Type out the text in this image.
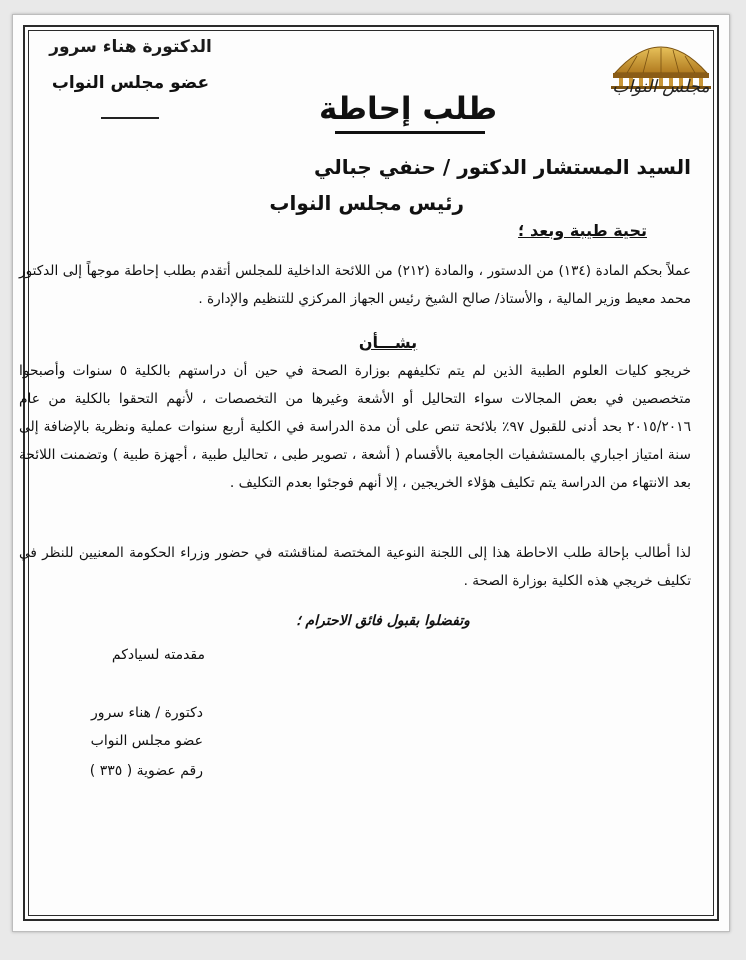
مجلس النواب
الدكتورة هناء سرور
عضو مجلس النواب
طلب إحاطة
السيد المستشار الدكتور / حنفي جبالي
رئيس مجلس النواب
تحية طيبة وبعد ؛
عملاً بحكم المادة (١٣٤) من الدستور ، والمادة (٢١٢) من اللائحة الداخلية للمجلس أتقدم بطلب إحاطة موجهاً إلى الدكتور محمد معيط وزير المالية ، والأستاذ/ صالح الشيخ رئيس الجهاز المركزي للتنظيم والإدارة .
بشـــأن
خريجو كليات العلوم الطبية الذين لم يتم تكليفهم بوزارة الصحة في حين أن دراستهم بالكلية ٥ سنوات وأصبحوا متخصصين في بعض المجالات سواء التحاليل أو الأشعة وغيرها من التخصصات ، لأنهم التحقوا بالكلية من عام ٢٠١٥/٢٠١٦ بحد أدنى للقبول ٩٧٪ بلائحة تنص على أن مدة الدراسة في الكلية أربع سنوات عملية ونظرية بالإضافة إلى سنة امتياز اجباري بالمستشفيات الجامعية بالأقسام ( أشعة ، تصوير طبى ، تحاليل طبية ، أجهزة طبية ) وتضمنت اللائحة بعد الانتهاء من الدراسة يتم تكليف هؤلاء الخريجين ، إلا أنهم فوجئوا بعدم التكليف .
لذا أطالب بإحالة طلب الاحاطة هذا إلى اللجنة النوعية المختصة لمناقشته في حضور وزراء الحكومة المعنيين للنظر في تكليف خريجي هذه الكلية بوزارة الصحة .
وتفضلوا بقبول فائق الاحترام ؛
مقدمته لسيادكم
دكتورة / هناء سرور
عضو مجلس النواب
رقم عضوية ( ٣٣٥ )
